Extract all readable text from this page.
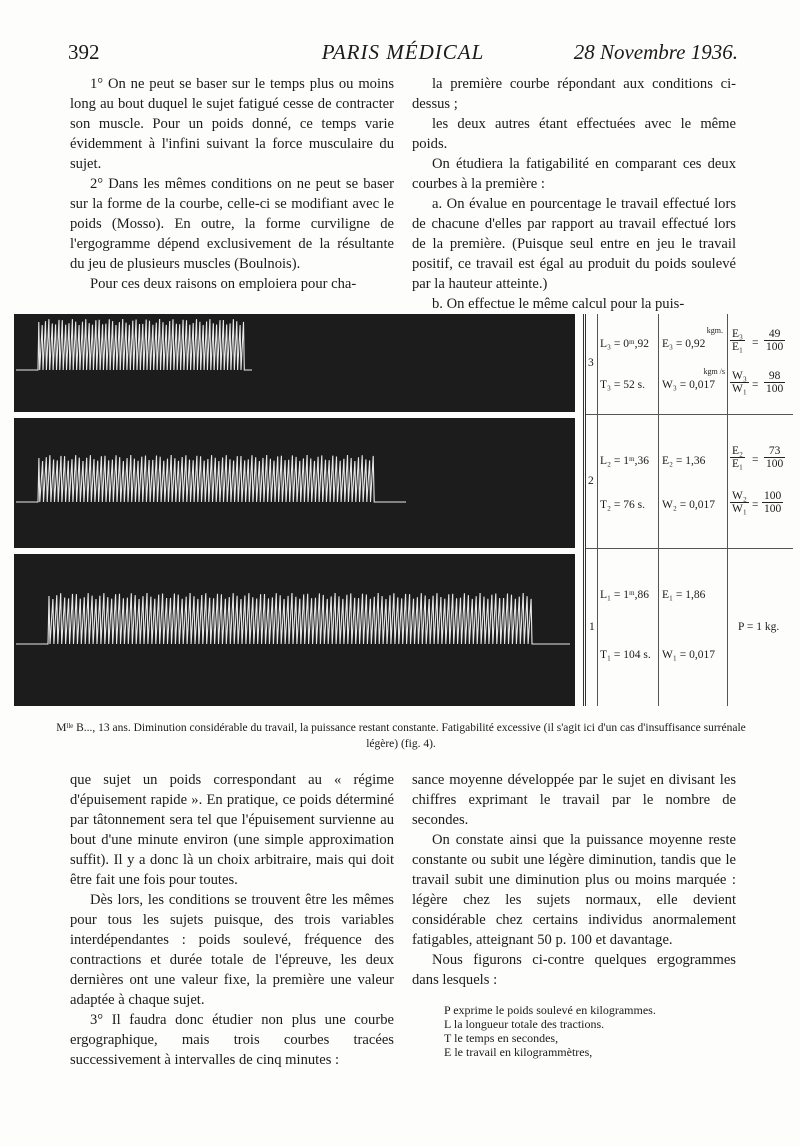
392	PARIS MÉDICAL	28 Novembre 1936.

1° On ne peut se baser sur le temps plus ou moins long au bout duquel le sujet fatigué cesse de contracter son muscle. Pour un poids donné, ce temps varie évidemment à l'infini suivant la force musculaire du sujet.

2° Dans les mêmes conditions on ne peut se baser sur la forme de la courbe, celle-ci se modifiant avec le poids (Mosso). En outre, la forme curviligne de l'ergogramme dépend exclusivement de la résultante du jeu de plusieurs muscles (Boulnois).

Pour ces deux raisons on emploiera pour cha-

la première courbe répondant aux conditions ci-dessus ;

les deux autres étant effectuées avec le même poids.

On étudiera la fatigabilité en comparant ces deux courbes à la première :

a. On évalue en pourcentage le travail effectué lors de chacune d'elles par rapport au travail effectué lors de la première. (Puisque seul entre en jeu le travail positif, ce travail est égal au produit du poids soulevé par la hauteur atteinte.)

b. On effectue le même calcul pour la puis-

3
L₃ = 0ᵐ,92
T₃ = 52 s.
kgm.
E₃ = 0,92
kgm /s
W₃ = 0,017
$\frac{\text{E₃}}{\text{E₁}} = \frac{49}{100}$
$\frac{\text{W₃}}{\text{W₁}} = \frac{98}{100}$
2
L₂ = 1ᵐ,36
T₂ = 76 s.
E₂ = 1,36
W₂ = 0,017
$\frac{\text{E₂}}{\text{E₁}} = \frac{73}{100}$
$\frac{\text{W₂}}{\text{W₁}} = \frac{100}{100}$
1
L₁ = 1ᵐ,86
T₁ = 104 s.
E₁ = 1,86
W₁ = 0,017
P = 1 kg.
Mˡˡᵉ B..., 13 ans. Diminution considérable du travail, la puissance restant constante. Fatigabilité excessive (il s'agit ici d'un cas d'insuffisance surrénale légère) (fig. 4).

que sujet un poids correspondant au « régime d'épuisement rapide ». En pratique, ce poids déterminé par tâtonnement sera tel que l'épuisement survienne au bout d'une minute environ (une simple approximation suffit). Il y a donc là un choix arbitraire, mais qui doit être fait une fois pour toutes.

Dès lors, les conditions se trouvent être les mêmes pour tous les sujets puisque, des trois variables interdépendantes : poids soulevé, fréquence des contractions et durée totale de l'épreuve, les deux dernières ont une valeur fixe, la première une valeur adaptée à chaque sujet.

3° Il faudra donc étudier non plus une courbe ergographique, mais trois courbes tracées successivement à intervalles de cinq minutes :

sance moyenne développée par le sujet en divisant les chiffres exprimant le travail par le nombre de secondes.

On constate ainsi que la puissance moyenne reste constante ou subit une légère diminution, tandis que le travail subit une diminution plus ou moins marquée : légère chez les sujets normaux, elle devient considérable chez certains individus anormalement fatigables, atteignant 50 p. 100 et davantage.

Nous figurons ci-contre quelques ergogrammes dans lesquels :

P exprime le poids soulevé en kilogrammes.

L la longueur totale des tractions.

T le temps en secondes,

E le travail en kilogrammètres,
